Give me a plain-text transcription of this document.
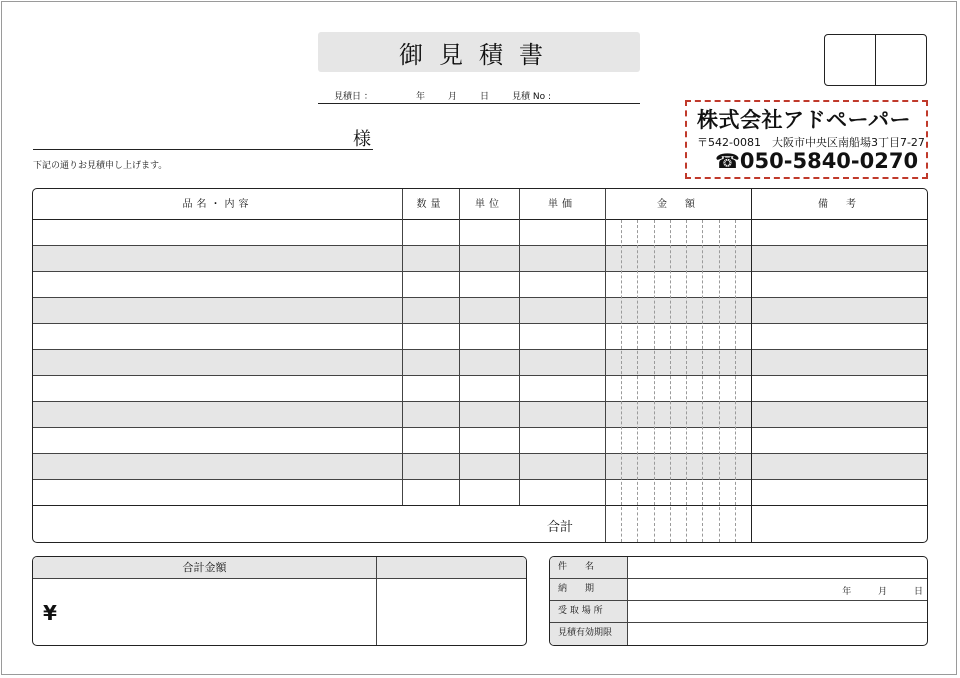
御見積書
見積日 ：	年	月	日	見積 No :
様
下記の通りお見積申し上げます。
株式会社アドペーパー
〒542-0081　大阪市中央区南船場3丁目7-27
☎050-5840-0270
品名・内容	数量	単位	単価	金　額	備　考
合計
合計金額
¥
件　　名
納　　期	年	月	日
受 取 場 所
見積有効期限
